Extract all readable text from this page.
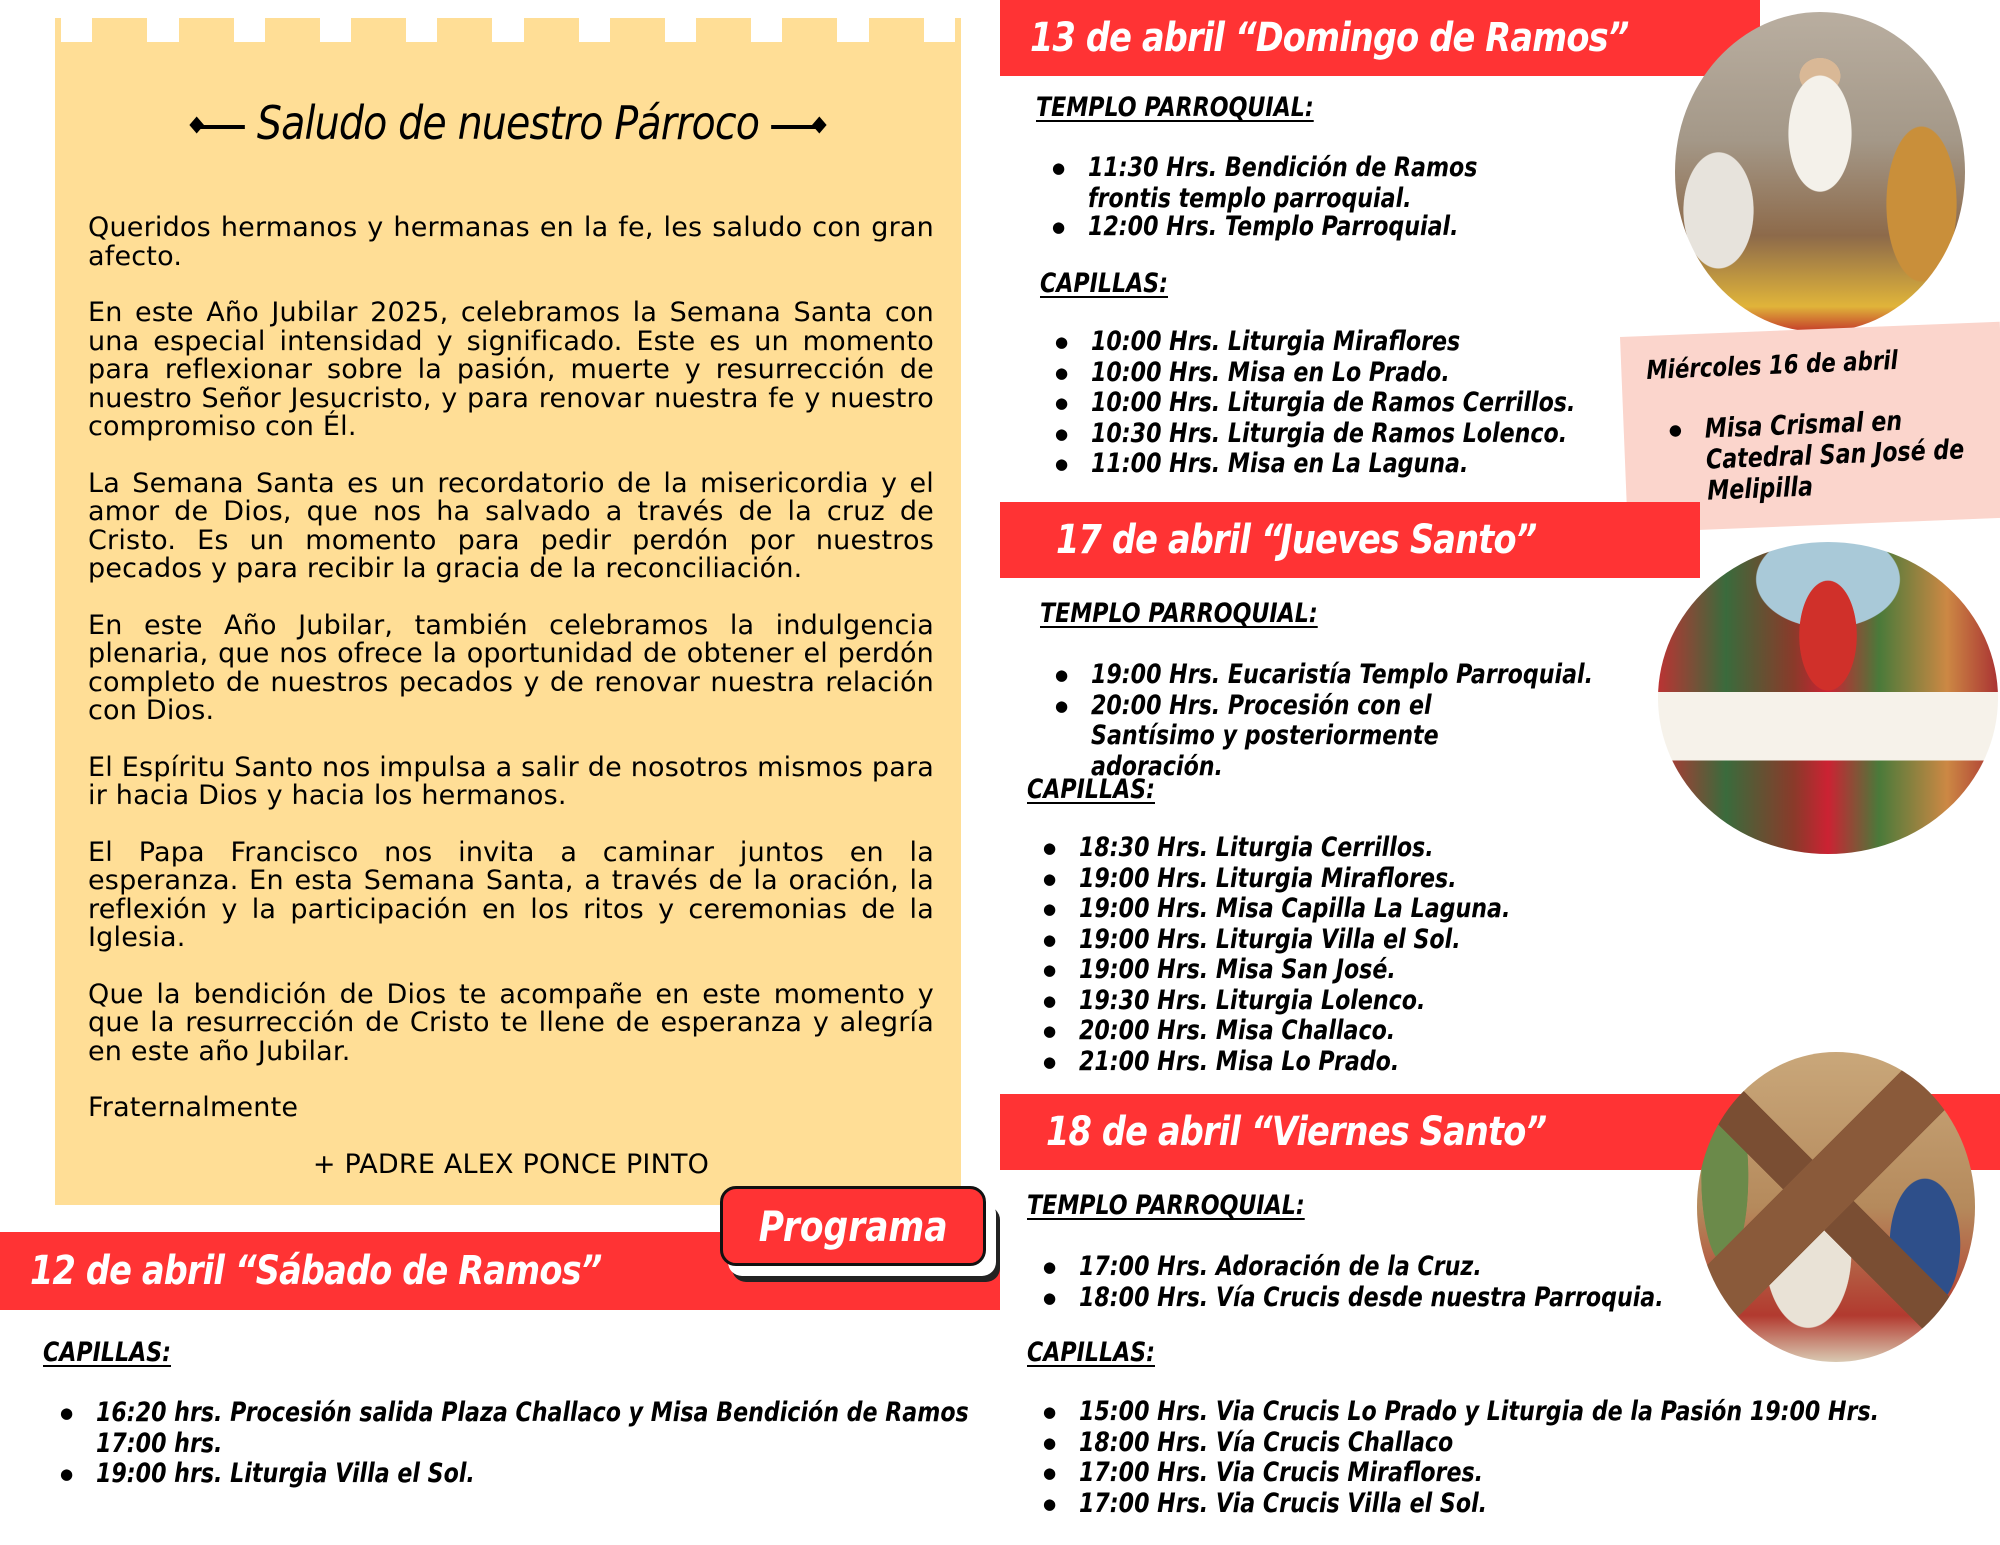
Saludo de nuestro Párroco

Queridos hermanos y hermanas en la fe, les saludo con gran afecto.

En este Año Jubilar 2025, celebramos la Semana Santa con una especial intensidad y significado. Este es un momento para reflexionar sobre la pasión, muerte y resurrección de nuestro Señor Jesucristo, y para renovar nuestra fe y nuestro compromiso con Él.

La Semana Santa es un recordatorio de la misericordia y el amor de Dios, que nos ha salvado a través de la cruz de Cristo. Es un momento para pedir perdón por nuestros pecados y para recibir la gracia de la reconciliación.

En este Año Jubilar, también celebramos la indulgencia plenaria, que nos ofrece la oportunidad de obtener el perdón completo de nuestros pecados y de renovar nuestra relación con Dios.

El Espíritu Santo nos impulsa a salir de nosotros mismos para ir hacia Dios y hacia los hermanos.

El Papa Francisco nos invita a caminar juntos en la esperanza. En esta Semana Santa, a través de la oración, la reflexión y la participación en los ritos y ceremonias de la Iglesia.

Que la bendición de Dios te acompañe en este momento y que la resurrección de Cristo te llene de esperanza y alegría en este año Jubilar.

Fraternalmente

+ PADRE ALEX PONCE PINTO

12 de abril “Sábado de Ramos”
Programa
CAPILLAS:
● 16:20 hrs. Procesión salida Plaza Challaco y Misa Bendición de Ramos 17:00 hrs.
● 19:00 hrs. Liturgia Villa el Sol.
13 de abril “Domingo de Ramos”
TEMPLO PARROQUIAL:
● 11:30 Hrs. Bendición de Ramos frontis templo parroquial.
● 12:00 Hrs. Templo Parroquial.
CAPILLAS:
● 10:00 Hrs. Liturgia Miraflores
● 10:00 Hrs. Misa en Lo Prado.
● 10:00 Hrs. Liturgia de Ramos Cerrillos.
● 10:30 Hrs. Liturgia de Ramos Lolenco.
● 11:00 Hrs. Misa en La Laguna.
Miércoles 16 de abril
● Misa Crismal en Catedral San José de Melipilla
17 de abril “Jueves Santo”
TEMPLO PARROQUIAL:
● 19:00 Hrs. Eucaristía Templo Parroquial.
● 20:00 Hrs. Procesión con el Santísimo y posteriormente adoración.
CAPILLAS:
● 18:30 Hrs. Liturgia Cerrillos.
● 19:00 Hrs. Liturgia Miraflores.
● 19:00 Hrs. Misa Capilla La Laguna.
● 19:00 Hrs. Liturgia Villa el Sol.
● 19:00 Hrs. Misa San José.
● 19:30 Hrs. Liturgia Lolenco.
● 20:00 Hrs. Misa Challaco.
● 21:00 Hrs. Misa Lo Prado.
18 de abril “Viernes Santo”
TEMPLO PARROQUIAL:
● 17:00 Hrs. Adoración de la Cruz.
● 18:00 Hrs. Vía Crucis desde nuestra Parroquia.
CAPILLAS:
● 15:00 Hrs. Via Crucis Lo Prado y Liturgia de la Pasión 19:00 Hrs.
● 18:00 Hrs. Vía Crucis Challaco
● 17:00 Hrs. Via Crucis Miraflores.
● 17:00 Hrs. Via Crucis Villa el Sol.
